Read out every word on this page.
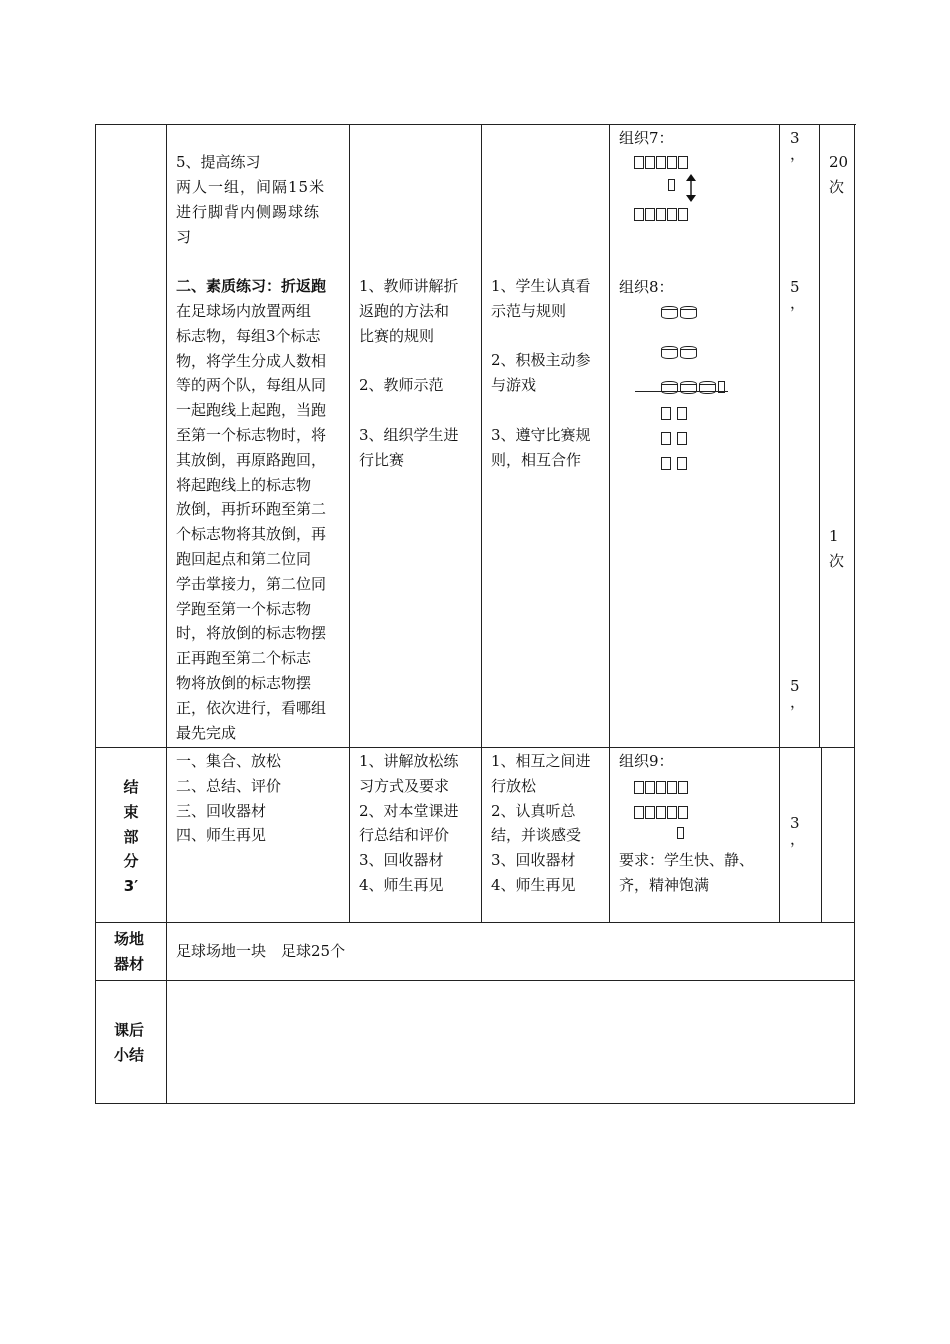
5、提高练习
两人一组，间隔15米
进行脚背内侧踢球练
习
二、素质练习：折返跑
在足球场内放置两组
标志物，每组3个标志
物，将学生分成人数相
等的两个队，每组从同
一起跑线上起跑，当跑
至第一个标志物时，将
其放倒，再原路跑回，
将起跑线上的标志物
放倒，再折环跑至第二
个标志物将其放倒，再
跑回起点和第二位同
学击掌接力，第二位同
学跑至第一个标志物
时，将放倒的标志物摆
正再跑至第二个标志
物将放倒的标志物摆
正，依次进行，看哪组
最先完成
1、教师讲解折
返跑的方法和
比赛的规则

2、教师示范

3、组织学生进
行比赛
1、学生认真看
示范与规则

2、积极主动参
与游戏

3、遵守比赛规
则，相互合作
组织7：
组织8：

3
，
5
，
5
，
20
次
1
次
结
束
部
分
3′
一、集合、放松
二、总结、评价
三、回收器材
四、师生再见
1、讲解放松练
习方式及要求
2、对本堂课进
行总结和评价
3、回收器材
4、师生再见
1、相互之间进
行放松
2、认真听总
结，并谈感受
3、回收器材
4、师生再见
组织9：
要求：学生快、静、
齐，精神饱满
3
，
场地
器材
足球场地一块　足球25个
课后
小结
